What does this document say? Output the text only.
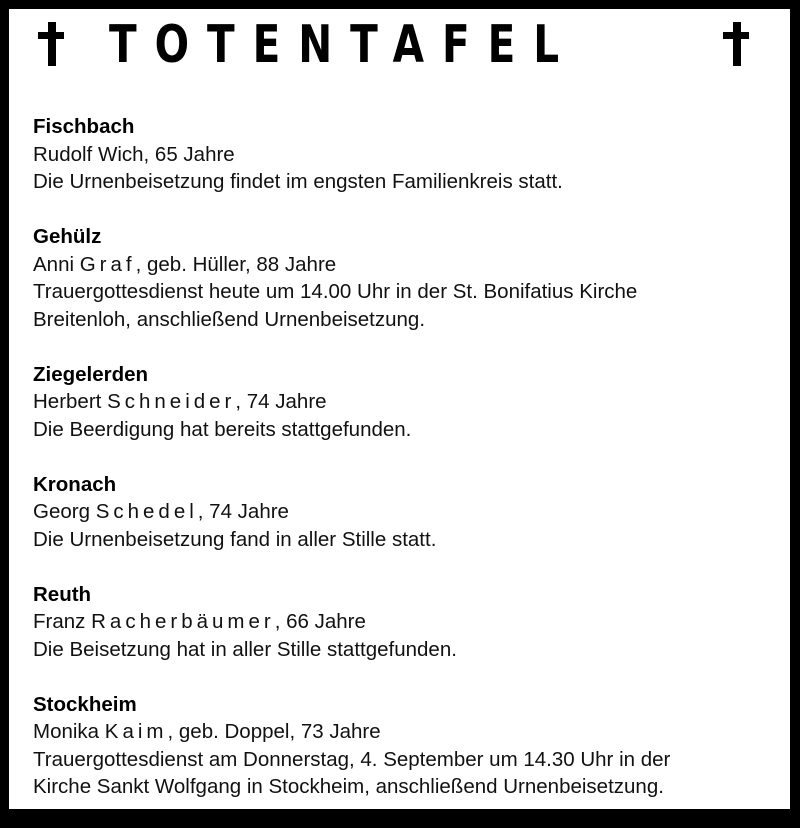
TOTENTAFEL
Fischbach
Rudolf Wich, 65 Jahre
Die Urnenbeisetzung findet im engsten Familienkreis statt.
Gehülz
Anni Graf, geb. Hüller, 88 Jahre
Trauergottesdienst heute um 14.00 Uhr in der St. Bonifatius Kirche
Breitenloh, anschließend Urnenbeisetzung.
Ziegelerden
Herbert Schneider, 74 Jahre
Die Beerdigung hat bereits stattgefunden.
Kronach
Georg Schedel, 74 Jahre
Die Urnenbeisetzung fand in aller Stille statt.
Reuth
Franz Racherbäumer, 66 Jahre
Die Beisetzung hat in aller Stille stattgefunden.
Stockheim
Monika Kaim, geb. Doppel, 73 Jahre
Trauergottesdienst am Donnerstag, 4. September um 14.30 Uhr in der
Kirche Sankt Wolfgang in Stockheim, anschließend Urnenbeisetzung.
